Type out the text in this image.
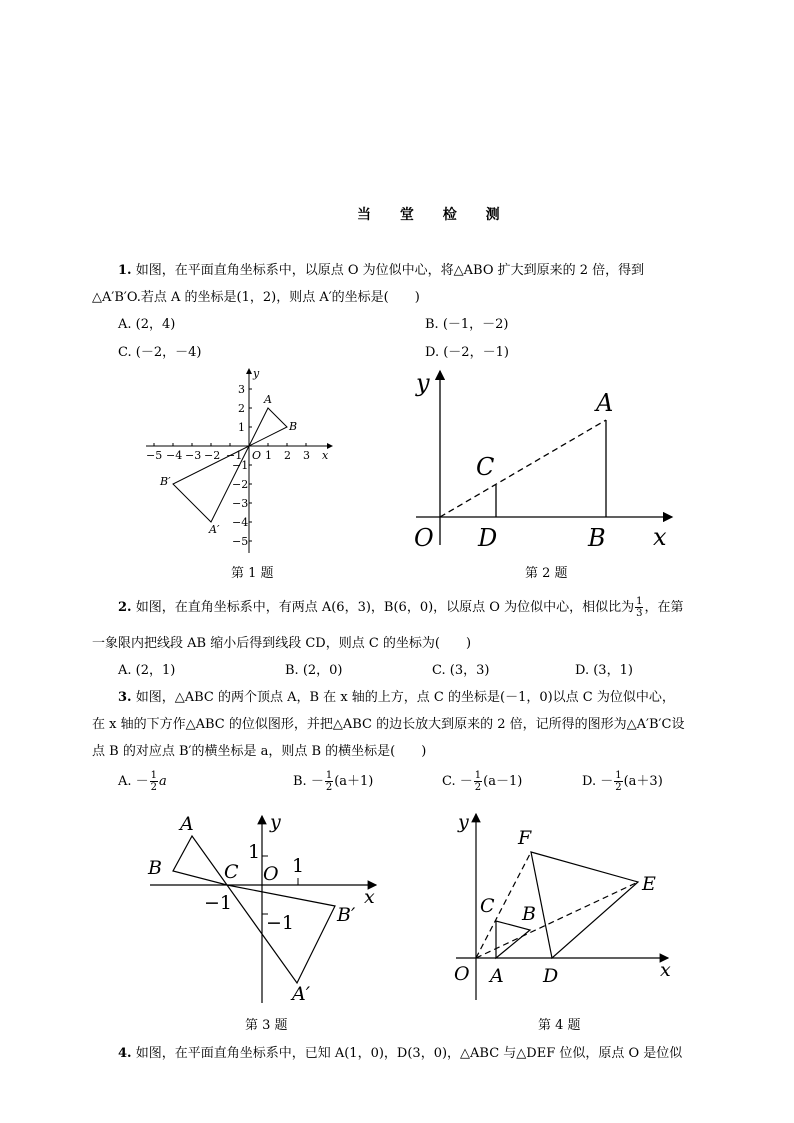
当 堂 检 测
1. 如图，在平面直角坐标系中，以原点 O 为位似中心，将△ABO 扩大到原来的 2 倍，得到
△A′B′O.若点 A 的坐标是(1，2)，则点 A′的坐标是(　　)
A. (2，4)	B. (－1，－2)
C. (－2，－4)	D. (－2，－1)
−5 −4 −3 −2 −1 O 1 2 3 x
y
3
2
1
−1
−2
−3
−4
−5
A
B
B′
A′
第 1 题
y
x
O D	B
C
A
第 2 题
2. 如图，在直角坐标系中，有两点 A(6，3)，B(6，0)，以原点 O 为位似中心，相似比为 $\frac{1}{3}$ ，在第
一象限内把线段 AB 缩小后得到线段 CD，则点 C 的坐标为(　　)
A. (2，1)	B. (2，0)	C. (3，3)	D. (3，1)
3. 如图，△ABC 的两个顶点 A，B 在 x 轴的上方，点 C 的坐标是(－1，0)以点 C 为位似中心，
在 x 轴的下方作△ABC 的位似图形，并把△ABC 的边长放大到原来的 2 倍，记所得的图形为△A′B′C设
点 B 的对应点 B′的横坐标是 a，则点 B 的横坐标是(　　)
A. － $\frac{1}{2}$ a	B. － $\frac{1}{2} (a+1)$	C. － $\frac{1}{2} (a-1)$	D. － $\frac{1}{2} (a+3)$
A
B	C O
y
x
B′
A′
1
1
−1
−1
第 3 题
y
x
O A D
B
C
E
F
第 4 题
4. 如图，在平面直角坐标系中，已知 A(1，0)，D(3，0)，△ABC 与△DEF 位似，原点 O 是位似
